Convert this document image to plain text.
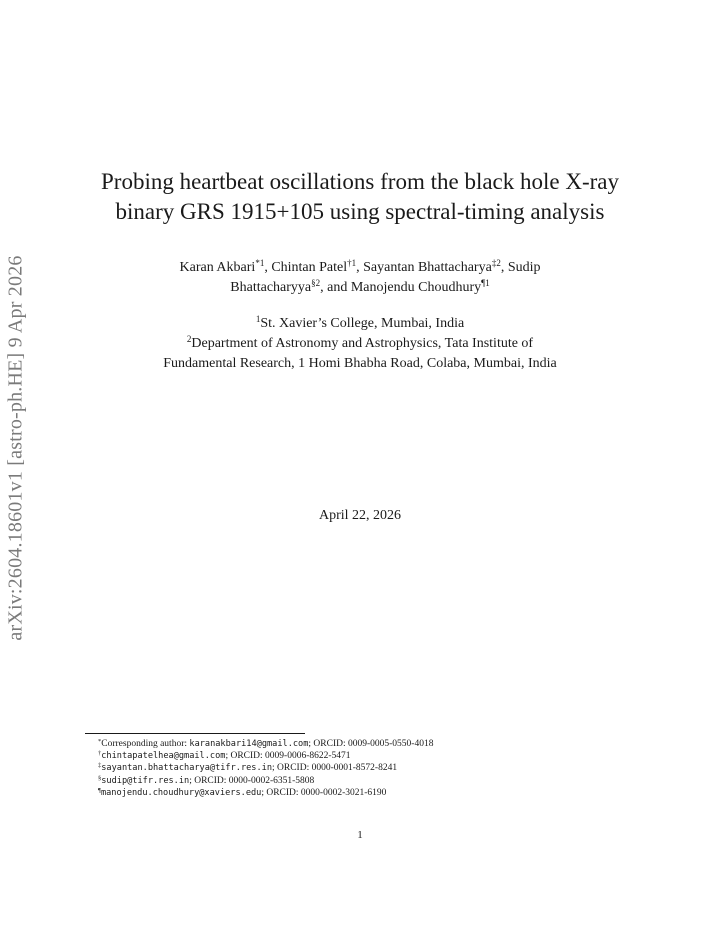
arXiv:2604.18601v1 [astro-ph.HE] 9 Apr 2026
Probing heartbeat oscillations from the black hole X-ray
binary GRS 1915+105 using spectral-timing analysis
Karan Akbari$^{*1}$, Chintan Patel$^{\dagger 1}$, Sayantan Bhattacharya$^{\ddagger 2}$, Sudip
Bhattacharyya$^{\S 2}$, and Manojendu Choudhury$^{\P 1}$
$^1$St. Xavier’s College, Mumbai, India
$^2$Department of Astronomy and Astrophysics, Tata Institute of
Fundamental Research, 1 Homi Bhabha Road, Colaba, Mumbai, India
April 22, 2026
*Corresponding author: karanakbari14@gmail.com; ORCID: 0009-0005-0550-4018
†chintapatelhea@gmail.com; ORCID: 0009-0006-8622-5471
‡sayantan.bhattacharya@tifr.res.in; ORCID: 0000-0001-8572-8241
§sudip@tifr.res.in; ORCID: 0000-0002-6351-5808
¶manojendu.choudhury@xaviers.edu; ORCID: 0000-0002-3021-6190
1
